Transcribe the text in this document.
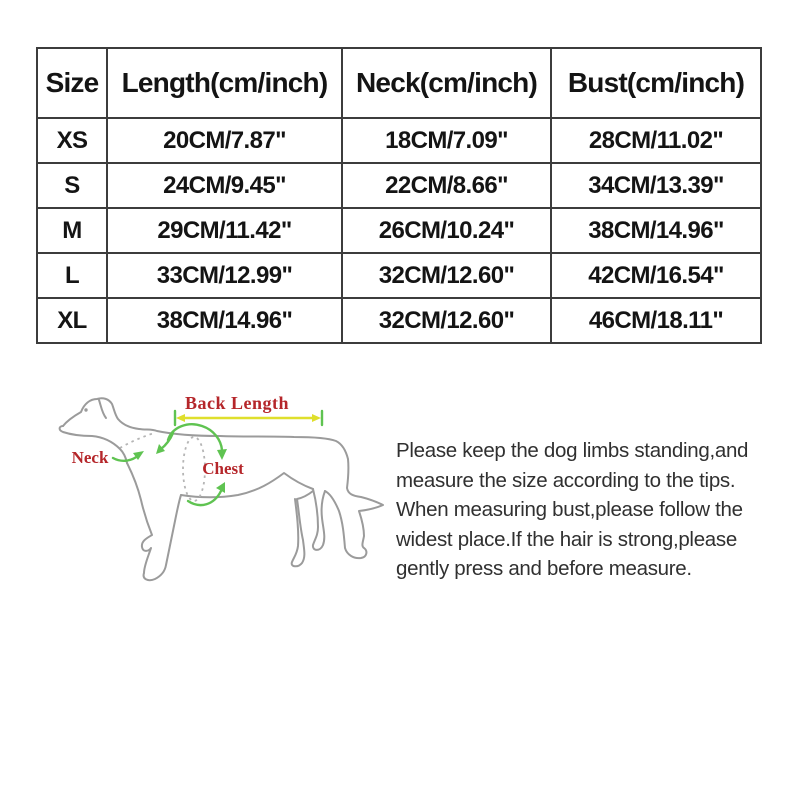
Size	Length(cm/inch)	Neck(cm/inch)	Bust(cm/inch)
XS	20CM/7.87"	18CM/7.09"	28CM/11.02"
S	24CM/9.45"	22CM/8.66"	34CM/13.39"
M	29CM/11.42"	26CM/10.24"	38CM/14.96"
L	33CM/12.99"	32CM/12.60"	42CM/16.54"
XL	38CM/14.96"	32CM/12.60"	46CM/18.11"
Back Length
Neck
Chest
Please keep the dog limbs standing,and
measure the size according to the tips.
When measuring bust,please follow the
widest place.If the hair is strong,please
gently press and before measure.
